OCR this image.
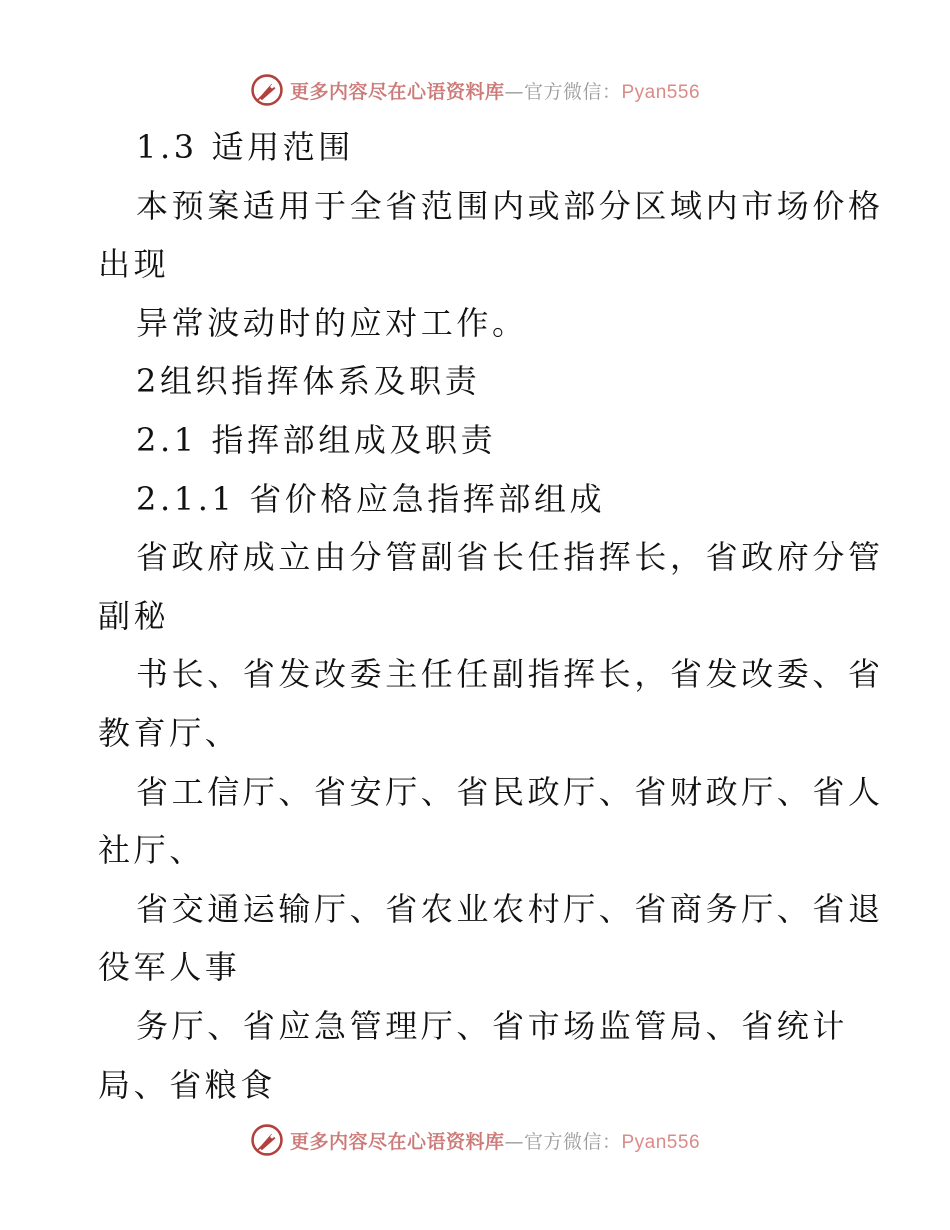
更多内容尽在心语资料库 — 官方微信： Pyan556
1.3 适用范围
本预案适用于全省范围内或部分区域内市场价格
出现
异常波动时的应对工作。
2组织指挥体系及职责
2.1 指挥部组成及职责
2.1.1 省价格应急指挥部组成
省政府成立由分管副省长任指挥长，省政府分管
副秘
书长、省发改委主任任副指挥长，省发改委、省
教育厅、
省工信厅、省安厅、省民政厅、省财政厅、省人
社厅、
省交通运输厅、省农业农村厅、省商务厅、省退
役军人事
务厅、省应急管理厅、省市场监管局、省统计
局、省粮食
更多内容尽在心语资料库 — 官方微信： Pyan556
